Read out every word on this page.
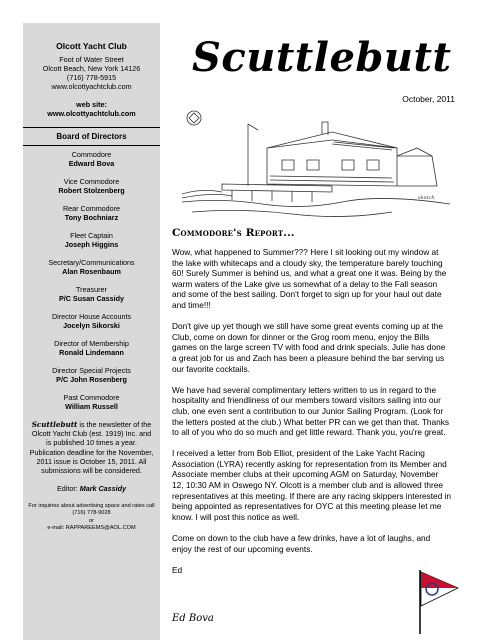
Olcott Yacht Club
Foot of Water Street
Olcott Beach, New York 14126
(716) 778-5915
www.olcottyachtclub.com
web site:
www.olcottyachtclub.com
Board of Directors
Commodore
Edward Bova
Vice Commodore
Robert Stolzenberg
Rear Commodore
Tony Bochniarz
Fleet Captain
Joseph Higgins
Secretary/Communications
Alan Rosenbaum
Treasurer
P/C Susan Cassidy
Director House Accounts
Jocelyn Sikorski
Director of Membership
Ronald Lindemann
Director Special Projects
P/C John Rosenberg
Past Commodore
William Russell
Scuttlebutt is the newsletter of the Olcott Yacht Club (est. 1919) Inc. and is published 10 times a year. Publication deadline for the November, 2011 issue is October 15, 2011. All submissions will be considered.
Editor: Mark Cassidy
For inquiries about advertising space and rates call
(716) 778-9028
or
e-mail: RAPPAREEMS@AOL.COM
Scuttlebutt
October, 2011
sketch
Commodore's Report...

Wow, what happened to Summer??? Here I sit looking out my window at the lake with whitecaps and a cloudy sky, the temperature barely touching 60! Surely Summer is behind us, and what a great one it was. Being by the warm waters of the Lake give us somewhat of a delay to the Fall season and some of the best sailing. Don't forget to sign up for your haul out date and time!!!

Don't give up yet though we still have some great events coming up at the Club, come on down for dinner or the Grog room menu, enjoy the Bills games on the large screen TV with food and drink specials. Julie has done a great job for us and Zach has been a pleasure behind the bar serving us our favorite cocktails.

We have had several complimentary letters written to us in regard to the hospitality and friendliness of our members toward visitors sailing into our club, one even sent a contribution to our Junior Sailing Program. (Look for the letters posted at the club.) What better PR can we get than that. Thanks to all of you who do so much and get little reward. Thank you, you're great.

I received a letter from Bob Elliot, president of the Lake Yacht Racing Association (LYRA) recently asking for representation from its Member and Associate member clubs at their upcoming AGM on Saturday, November 12, 10:30 AM in Oswego NY. Olcott is a member club and is allowed three representatives at this meeting. If there are any racing skippers interested in being appointed as representatives for OYC at this meeting please let me know. I will post this notice as well.

Come on down to the club have a few drinks, have a lot of laughs, and enjoy the rest of our upcoming events.

Ed
Ed Bova
